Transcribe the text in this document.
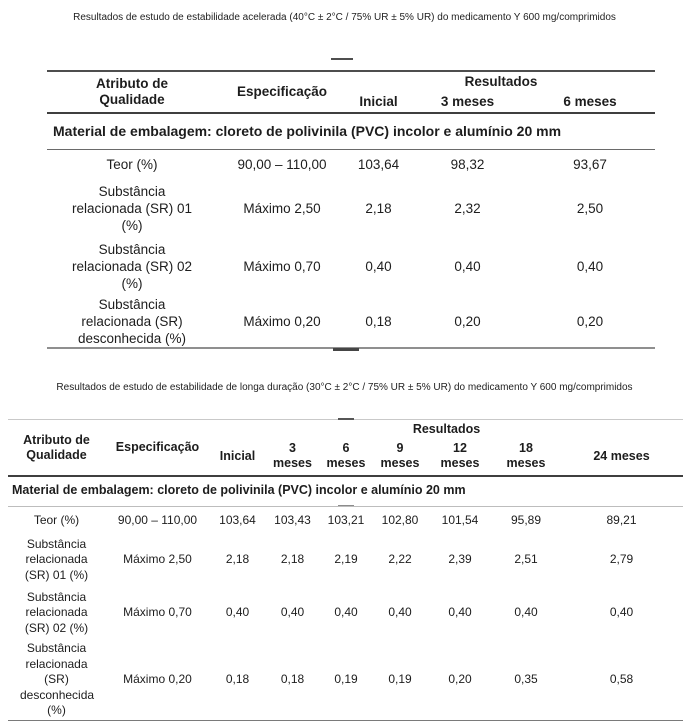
Resultados de estudo de estabilidade acelerada (40°C ± 2°C / 75% UR ± 5% UR) do medicamento Y 600 mg/comprimidos
Atributo de Qualidade	Especificação	Resultados		
		Inicial	3 meses	6 meses
Material de embalagem: cloreto de polivinila (PVC) incolor e alumínio 20 mm				
Teor (%)	90,00 – 110,00	103,64	98,32	93,67
Substância relacionada (SR) 01 (%)	Máximo 2,50	2,18	2,32	2,50
Substância relacionada (SR) 02 (%)	Máximo 0,70	0,40	0,40	0,40
Substância relacionada (SR) desconhecida (%)	Máximo 0,20	0,18	0,20	0,20
Resultados de estudo de estabilidade de longa duração (30°C ± 2°C / 75% UR ± 5% UR) do medicamento Y 600 mg/comprimidos
Atributo de Qualidade	Especificação	Resultados						
		Inicial	3 meses	6 meses	9 meses	12 meses	18 meses	24 meses
Material de embalagem: cloreto de polivinila (PVC) incolor e alumínio 20 mm								

Teor (%)	90,00 – 110,00	103,64	103,43	103,21	102,80	101,54	95,89	89,21
Substância relacionada (SR) 01 (%)	Máximo 2,50	2,18	2,18	2,19	2,22	2,39	2,51	2,79
Substância relacionada (SR) 02 (%)	Máximo 0,70	0,40	0,40	0,40	0,40	0,40	0,40	0,40
Substância relacionada (SR) desconhecida (%)	Máximo 0,20	0,18	0,18	0,19	0,19	0,20	0,35	0,58
